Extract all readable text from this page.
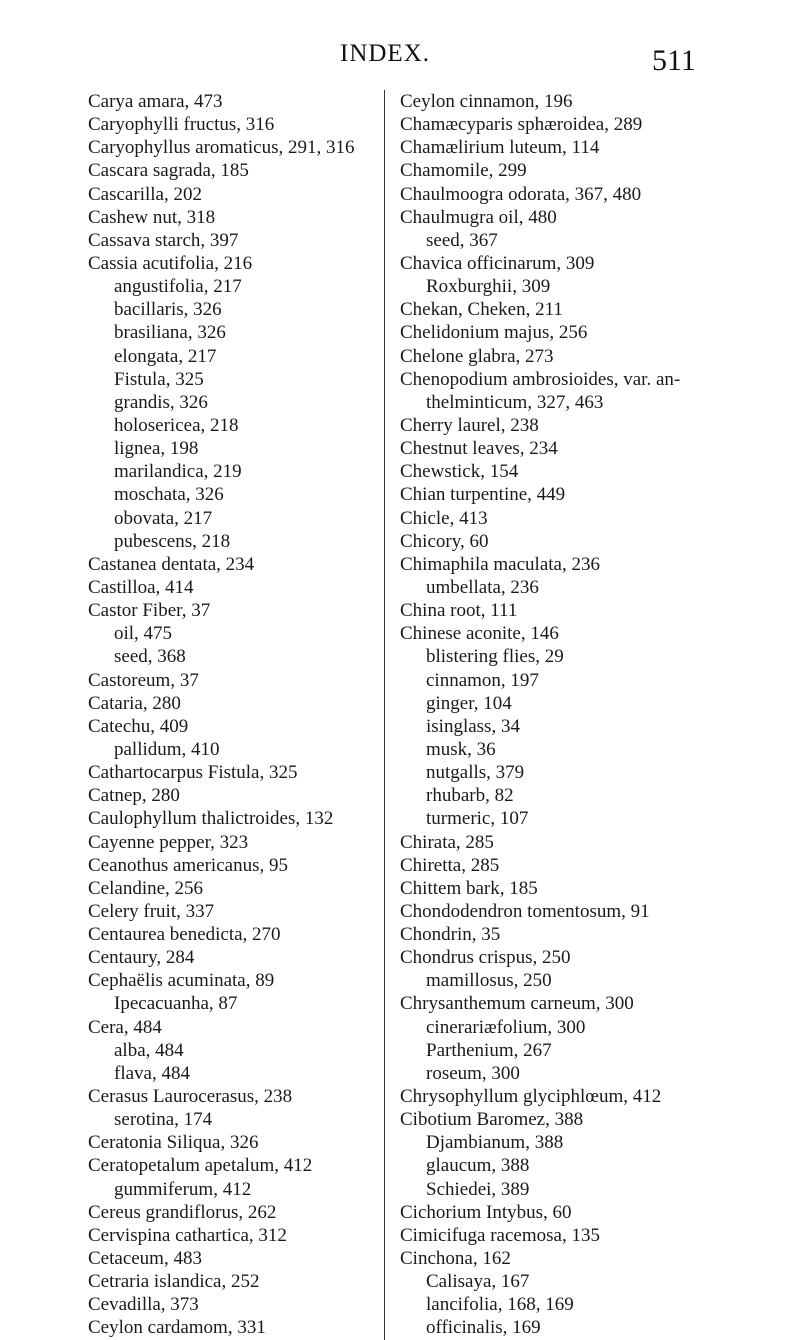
INDEX.	511
Carya amara, 473
Caryophylli fructus, 316
Caryophyllus aromaticus, 291, 316
Cascara sagrada, 185
Cascarilla, 202
Cashew nut, 318
Cassava starch, 397
Cassia acutifolia, 216
angustifolia, 217
bacillaris, 326
brasiliana, 326
elongata, 217
Fistula, 325
grandis, 326
holosericea, 218
lignea, 198
marilandica, 219
moschata, 326
obovata, 217
pubescens, 218
Castanea dentata, 234
Castilloa, 414
Castor Fiber, 37
oil, 475
seed, 368
Castoreum, 37
Cataria, 280
Catechu, 409
pallidum, 410
Cathartocarpus Fistula, 325
Catnep, 280
Caulophyllum thalictroides, 132
Cayenne pepper, 323
Ceanothus americanus, 95
Celandine, 256
Celery fruit, 337
Centaurea benedicta, 270
Centaury, 284
Cephaëlis acuminata, 89
Ipecacuanha, 87
Cera, 484
alba, 484
flava, 484
Cerasus Laurocerasus, 238
serotina, 174
Ceratonia Siliqua, 326
Ceratopetalum apetalum, 412
gummiferum, 412
Cereus grandiflorus, 262
Cervispina cathartica, 312
Cetaceum, 483
Cetraria islandica, 252
Cevadilla, 373
Ceylon cardamom, 331
Ceylon cinnamon, 196
Chamæcyparis sphæroidea, 289
Chamælirium luteum, 114
Chamomile, 299
Chaulmoogra odorata, 367, 480
Chaulmugra oil, 480
seed, 367
Chavica officinarum, 309
Roxburghii, 309
Chekan, Cheken, 211
Chelidonium majus, 256
Chelone glabra, 273
Chenopodium ambrosioides, var. an-
thelminticum, 327, 463
Cherry laurel, 238
Chestnut leaves, 234
Chewstick, 154
Chian turpentine, 449
Chicle, 413
Chicory, 60
Chimaphila maculata, 236
umbellata, 236
China root, 111
Chinese aconite, 146
blistering flies, 29
cinnamon, 197
ginger, 104
isinglass, 34
musk, 36
nutgalls, 379
rhubarb, 82
turmeric, 107
Chirata, 285
Chiretta, 285
Chittem bark, 185
Chondodendron tomentosum, 91
Chondrin, 35
Chondrus crispus, 250
mamillosus, 250
Chrysanthemum carneum, 300
cinerariæfolium, 300
Parthenium, 267
roseum, 300
Chrysophyllum glyciphlœum, 412
Cibotium Baromez, 388
Djambianum, 388
glaucum, 388
Schiedei, 389
Cichorium Intybus, 60
Cimicifuga racemosa, 135
Cinchona, 162
Calisaya, 167
lancifolia, 168, 169
officinalis, 169
